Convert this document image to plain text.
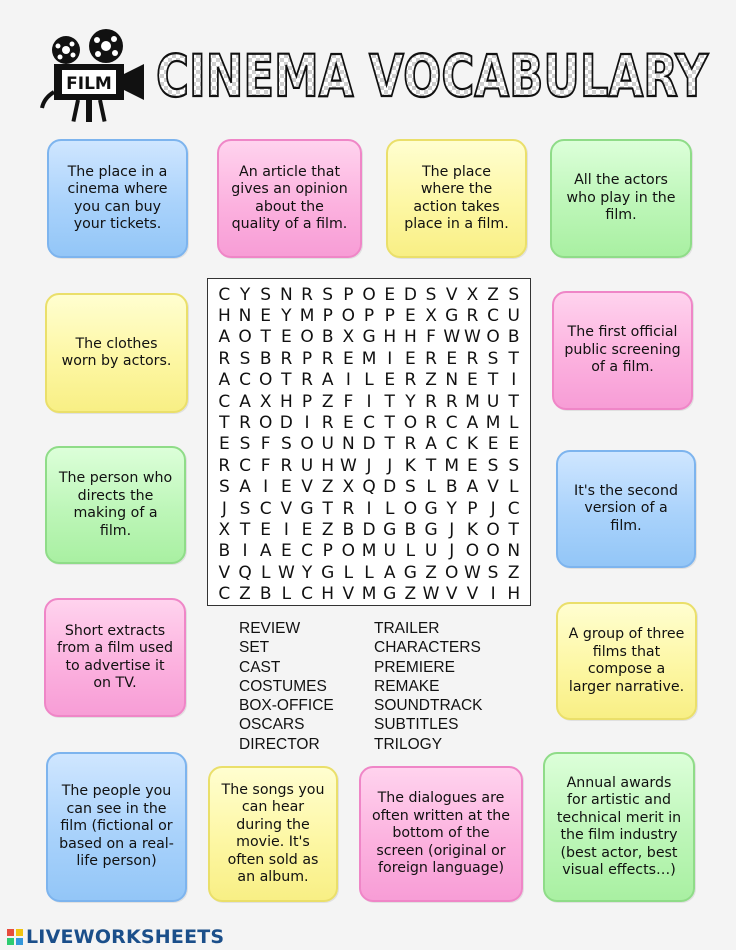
FILM CINEMA VOCABULARY
The place in a cinema where you can buy your tickets.
An article that gives an opinion about the quality of a film.
The place where the action takes place in a film.
All the actors who play in the film.
The clothes worn by actors.
The first official public screening of a film.
The person who directs the making of a film.
It's the second version of a film.
Short extracts from a film used to advertise it on TV.
A group of three films that compose a larger narrative.
The people you can see in the film (fictional or based on a real-life person)
The songs you can hear during the movie. It's often sold as an album.
The dialogues are often written at the bottom of the screen (original or foreign language)
Annual awards for artistic and technical merit in the film industry (best actor, best visual effects…)
C Y S N R S P O E D S V X Z S
H N E Y M P O P P E X G R C U
A O T E O B X G H H F W W O B
R S B R P R E M I E R E R S T
A C O T R A I L E R Z N E T I
C A X H P Z F I T Y R R M U T
T R O D I R E C T O R C A M L
E S F S O U N D T R A C K E E
R C F R U H W J J K T M E S S
S A I E V Z X Q D S L B A V L
J S C V G T R I L O G Y P J C
X T E I E Z B D G B G J K O T
B I A E C P O M U L U J O O N
V Q L W Y G L L A G Z O W S Z
C Z B L C H V M G Z W V V I H
REVIEW
SET
CAST
COSTUMES
BOX-OFFICE
OSCARS
DIRECTOR
TRAILER
CHARACTERS
PREMIERE
REMAKE
SOUNDTRACK
SUBTITLES
TRILOGY
LIVEWORKSHEETS
